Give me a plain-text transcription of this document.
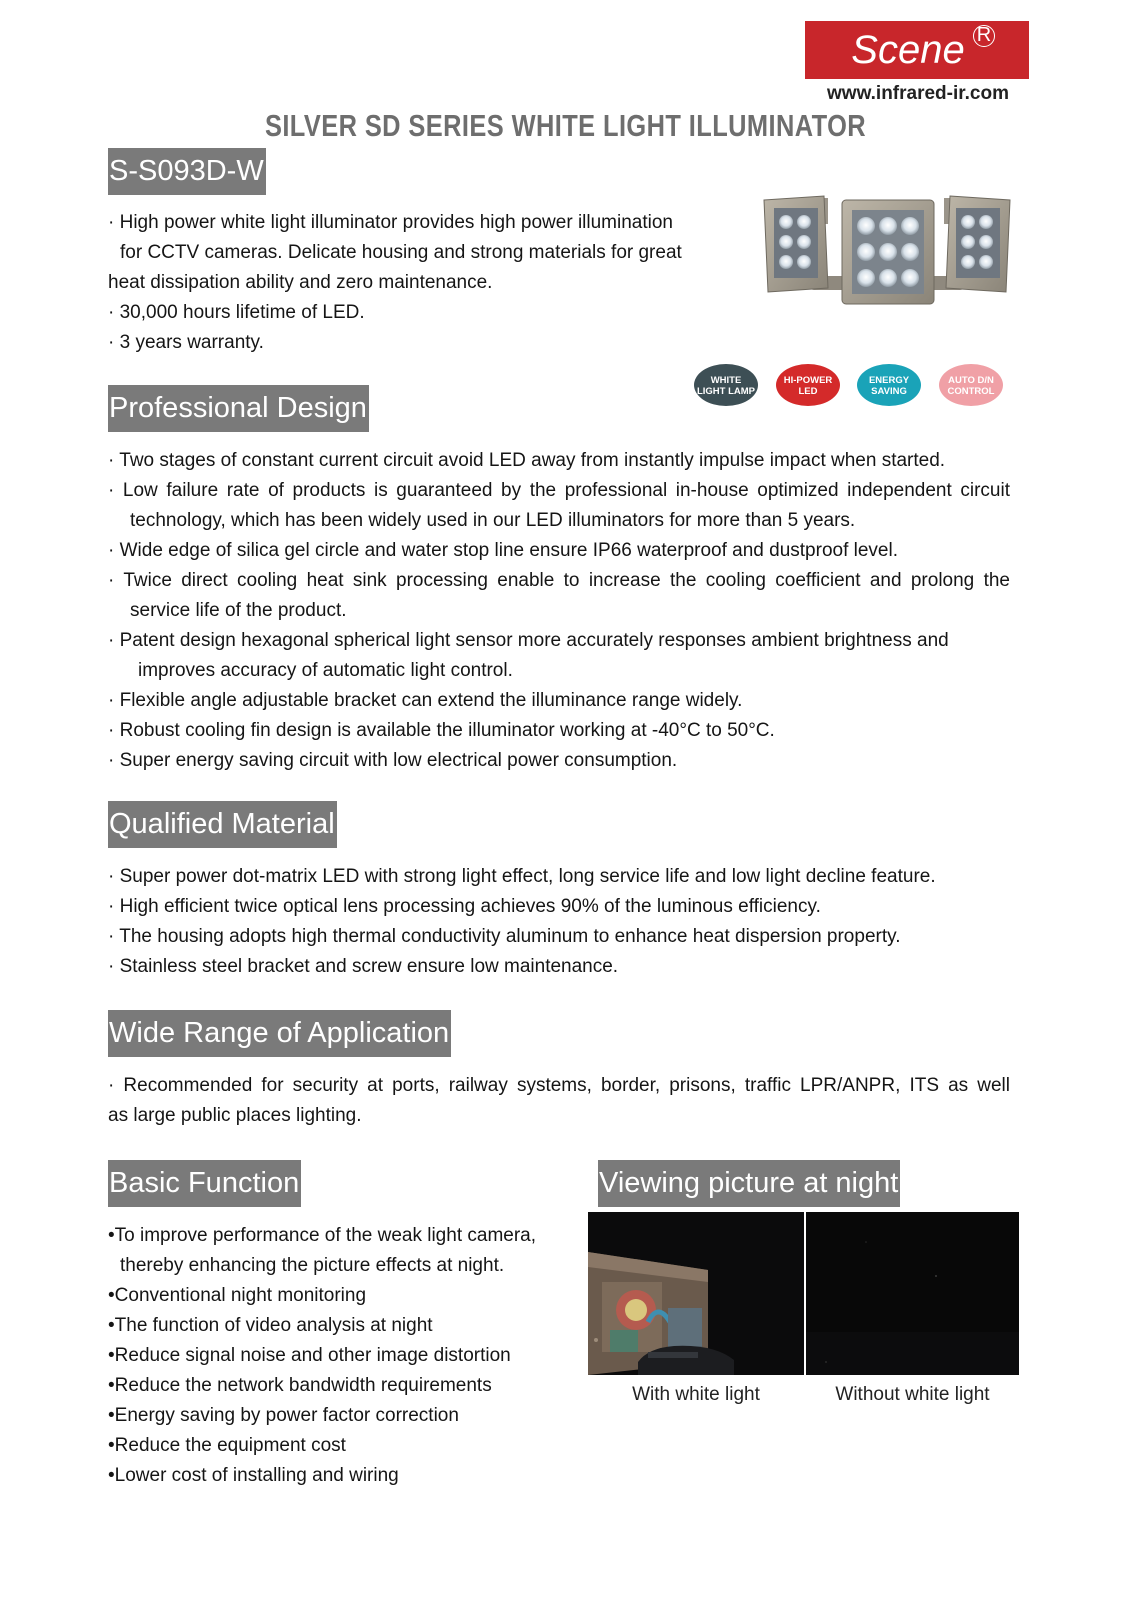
Scene R
www.infrared-ir.com
SILVER SD SERIES WHITE LIGHT ILLUMINATOR
S-S093D-W

· High power white light illuminator provides high power illumination

for CCTV cameras. Delicate housing and strong materials for great

heat dissipation ability and zero maintenance.

· 30,000 hours lifetime of LED.

· 3 years warranty.

WHITE
LIGHT LAMP
HI-POWER
LED
ENERGY
SAVING
AUTO D/N
CONTROL
Professional Design

· Two stages of constant current circuit avoid LED away from instantly impulse impact when started.

· Low failure rate of products is guaranteed by the professional in-house optimized independent circuit

technology, which has been widely used in our LED illuminators for more than 5 years.

· Wide edge of silica gel circle and water stop line ensure IP66 waterproof and dustproof level.

· Twice direct cooling heat sink processing enable to increase the cooling coefficient and prolong the

service life of the product.

· Patent design hexagonal spherical light sensor more accurately responses ambient brightness and

improves accuracy of automatic light control.

· Flexible angle adjustable bracket can extend the illuminance range widely.

· Robust cooling fin design is available the illuminator working at -40°C to 50°C.

· Super energy saving circuit with low electrical power consumption.

Qualified Material

· Super power dot-matrix LED with strong light effect, long service life and low light decline feature.

· High efficient twice optical lens processing achieves 90% of the luminous efficiency.

· The housing adopts high thermal conductivity aluminum to enhance heat dispersion property.

· Stainless steel bracket and screw ensure low maintenance.

Wide Range of Application

· Recommended for security at ports, railway systems, border, prisons, traffic LPR/ANPR, ITS as well

as large public places lighting.

Basic Function

•To improve performance of the weak light camera,

thereby enhancing the picture effects at night.

•Conventional night monitoring

•The function of video analysis at night

•Reduce signal noise and other image distortion

•Reduce the network bandwidth requirements

•Energy saving by power factor correction

•Reduce the equipment cost

•Lower cost of installing and wiring

Viewing picture at night
With white light	Without white light
